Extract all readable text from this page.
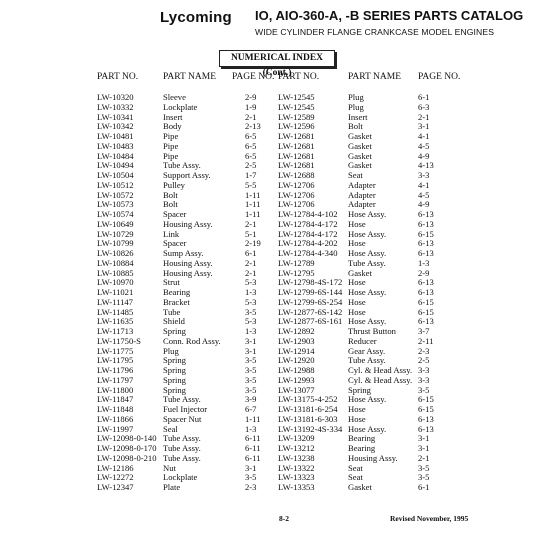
Lycoming IO, AIO-360-A, -B SERIES PARTS CATALOG
WIDE CYLINDER FLANGE CRANKCASE MODEL ENGINES
NUMERICAL INDEX (Cont.)
PART NO.	PART NAME PAGE NO. PART NO.	PART NAME PAGE NO.
LW-10320	Sleeve	2-9
LW-10332	Lockplate	1-9
LW-10341	Insert	2-1
LW-10342	Body	2-13
LW-10481	Pipe	6-5
LW-10483	Pipe	6-5
LW-10484	Pipe	6-5
LW-10494	Tube Assy.	2-5
LW-10504	Support Assy.	1-7
LW-10512	Pulley	5-5
LW-10572	Bolt	1-11
LW-10573	Bolt	1-11
LW-10574	Spacer	1-11
LW-10649	Housing Assy.	2-1
LW-10729	Link	5-1
LW-10799	Spacer	2-19
LW-10826	Sump Assy.	6-1
LW-10884	Housing Assy.	2-1
LW-10885	Housing Assy.	2-1
LW-10970	Strut	5-3
LW-11021	Bearing	1-3
LW-11147	Bracket	5-3
LW-11485	Tube	3-5
LW-11635	Shield	5-3
LW-11713	Spring	1-3
LW-11750-S	Conn. Rod Assy.	3-1
LW-11775	Plug	3-1
LW-11795	Spring	3-5
LW-11796	Spring	3-5
LW-11797	Spring	3-5
LW-11800	Spring	3-5
LW-11847	Tube Assy.	3-9
LW-11848	Fuel Injector	6-7
LW-11866	Spacer Nut	1-11
LW-11997	Seal	1-3
LW-12098-0-140 Tube Assy.	6-11
LW-12098-0-170 Tube Assy.	6-11
LW-12098-0-210 Tube Assy.	6-11
LW-12186	Nut	3-1
LW-12272	Lockplate	3-5
LW-12347	Plate	2-3
LW-12545	Plug	6-1
LW-12545	Plug	6-3
LW-12589	Insert	2-1
LW-12596	Bolt	3-1
LW-12681	Gasket	4-1
LW-12681	Gasket	4-5
LW-12681	Gasket	4-9
LW-12681	Gasket	4-13
LW-12688	Seat	3-3
LW-12706	Adapter	4-1
LW-12706	Adapter	4-5
LW-12706	Adapter	4-9
LW-12784-4-102	Hose Assy.	6-13
LW-12784-4-172	Hose	6-13
LW-12784-4-172	Hose Assy.	6-15
LW-12784-4-202	Hose	6-13
LW-12784-4-340	Hose Assy.	6-13
LW-12789	Tube Assy.	1-3
LW-12795	Gasket	2-9
LW-12798-4S-172 Hose	6-13
LW-12799-6S-144 Hose Assy.	6-13
LW-12799-6S-254 Hose	6-15
LW-12877-6S-142 Hose	6-15
LW-12877-6S-161 Hose Assy.	6-13
LW-12892	Thrust Button	3-7
LW-12903	Reducer	2-11
LW-12914	Gear Assy.	2-3
LW-12920	Tube Assy.	2-5
LW-12988	Cyl. & Head Assy. 3-3
LW-12993	Cyl. & Head Assy. 3-3
LW-13077	Spring	3-5
LW-13175-4-252	Hose Assy.	6-15
LW-13181-6-254	Hose	6-15
LW-13181-6-303	Hose	6-13
LW-13192-4S-334 Hose Assy.	6-13
LW-13209	Bearing	3-1
LW-13212	Bearing	3-1
LW-13238	Housing Assy.	2-1
LW-13322	Seat	3-5
LW-13323	Seat	3-5
LW-13353	Gasket	6-1
8-2	Revised November, 1995
